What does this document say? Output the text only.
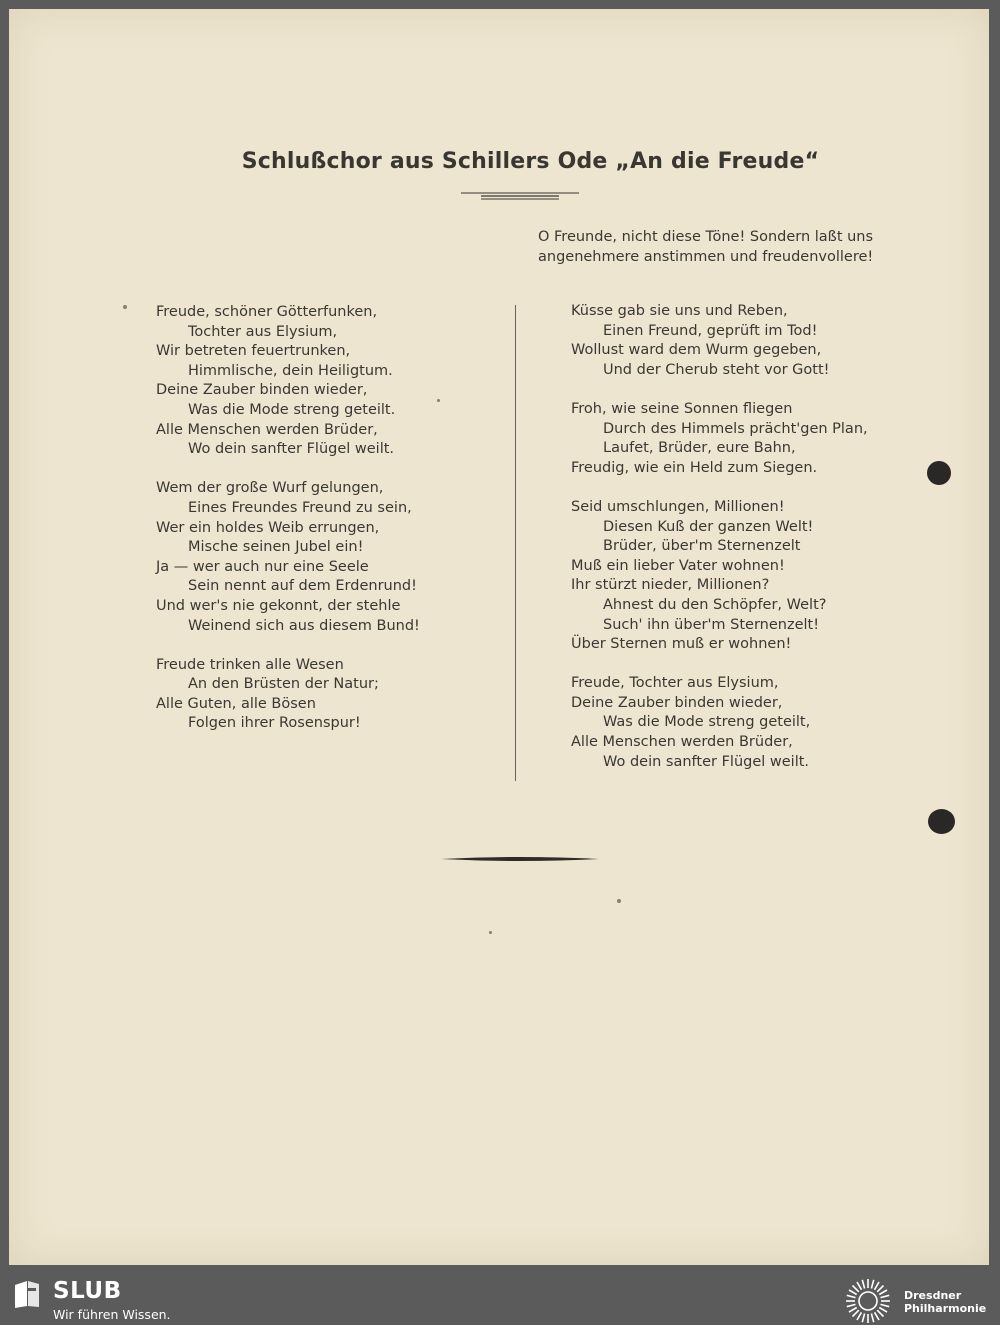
Schlußchor aus Schillers Ode „An die Freude“
O Freunde, nicht diese Töne! Sondern laßt uns angenehmere anstimmen und freudenvollere!
Freude, schöner Götterfunken,
Tochter aus Elysium,
Wir betreten feuertrunken,
Himmlische, dein Heiligtum.
Deine Zauber binden wieder,
Was die Mode streng geteilt.
Alle Menschen werden Brüder,
Wo dein sanfter Flügel weilt.
Wem der große Wurf gelungen,
Eines Freundes Freund zu sein,
Wer ein holdes Weib errungen,
Mische seinen Jubel ein!
Ja — wer auch nur eine Seele
Sein nennt auf dem Erdenrund!
Und wer's nie gekonnt, der stehle
Weinend sich aus diesem Bund!
Freude trinken alle Wesen
An den Brüsten der Natur;
Alle Guten, alle Bösen
Folgen ihrer Rosenspur!
Küsse gab sie uns und Reben,
Einen Freund, geprüft im Tod!
Wollust ward dem Wurm gegeben,
Und der Cherub steht vor Gott!
Froh, wie seine Sonnen fliegen
Durch des Himmels prächt'gen Plan,
Laufet, Brüder, eure Bahn,
Freudig, wie ein Held zum Siegen.
Seid umschlungen, Millionen!
Diesen Kuß der ganzen Welt!
Brüder, über'm Sternenzelt
Muß ein lieber Vater wohnen!
Ihr stürzt nieder, Millionen?
Ahnest du den Schöpfer, Welt?
Such' ihn über'm Sternenzelt!
Über Sternen muß er wohnen!
Freude, Tochter aus Elysium,
Deine Zauber binden wieder,
Was die Mode streng geteilt,
Alle Menschen werden Brüder,
Wo dein sanfter Flügel weilt.
SLUB
Wir führen Wissen.
Dresdner
Philharmonie
